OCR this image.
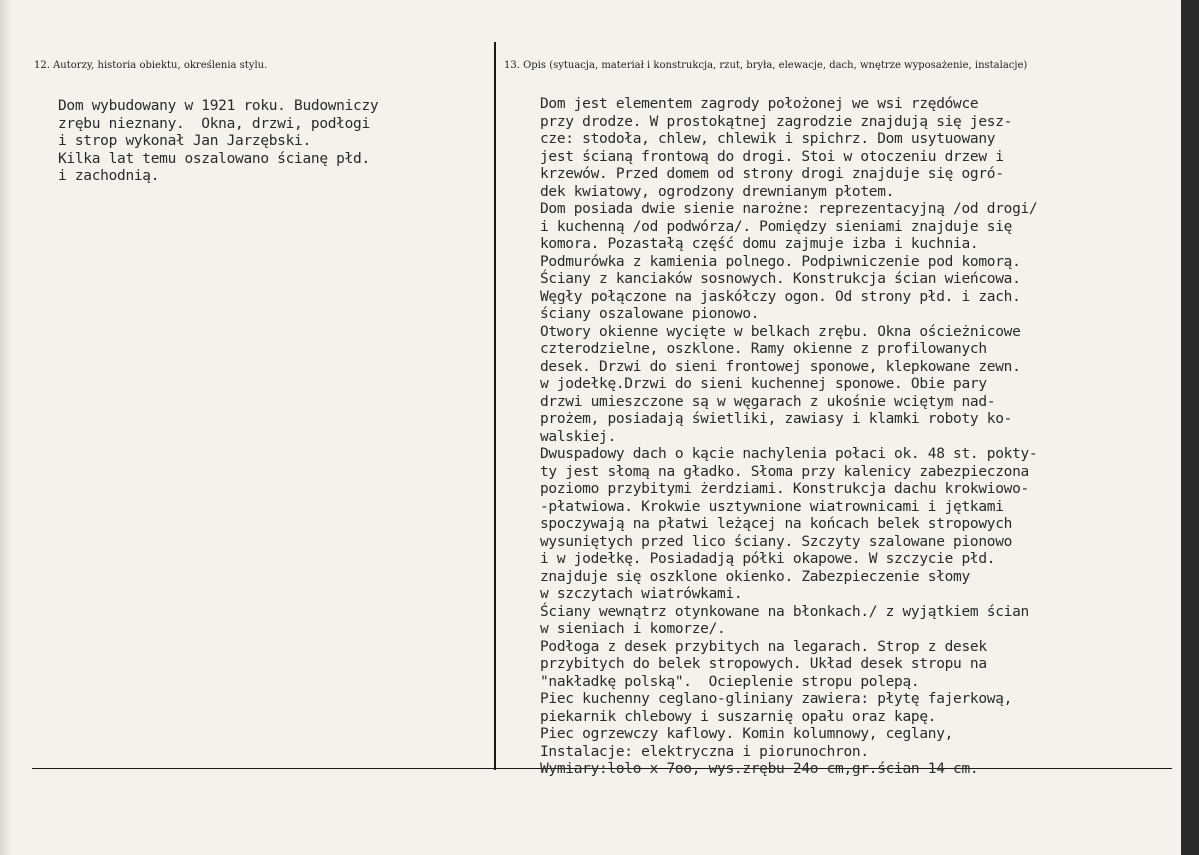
12. Autorzy, historia obiektu, określenia stylu.	13. Opis (sytuacja, materiał i konstrukcja, rzut, bryła, elewacje, dach, wnętrze wyposażenie, instalacje)
Dom wybudowany w 1921 roku. Budowniczy
zrębu nieznany.  Okna, drzwi, podłogi
i strop wykonał Jan Jarzębski.
Kilka lat temu oszalowano ścianę płd.
i zachodnią.
Dom jest elementem zagrody położonej we wsi rzędówce
przy drodze. W prostokątnej zagrodzie znajdują się jesz-
cze: stodoła, chlew, chlewik i spichrz. Dom usytuowany
jest ścianą frontową do drogi. Stoi w otoczeniu drzew i
krzewów. Przed domem od strony drogi znajduje się ogró-
dek kwiatowy, ogrodzony drewnianym płotem.
Dom posiada dwie sienie narożne: reprezentacyjną /od drogi/
i kuchenną /od podwórza/. Pomiędzy sieniami znajduje się
komora. Pozastałą część domu zajmuje izba i kuchnia.
Podmurówka z kamienia polnego. Podpiwniczenie pod komorą.
Ściany z kanciaków sosnowych. Konstrukcja ścian wieńcowa.
Węgły połączone na jaskółczy ogon. Od strony płd. i zach.
ściany oszalowane pionowo.
Otwory okienne wycięte w belkach zrębu. Okna ościeżnicowe
czterodzielne, oszklone. Ramy okienne z profilowanych
desek. Drzwi do sieni frontowej sponowe, klepkowane zewn.
w jodełkę.Drzwi do sieni kuchennej sponowe. Obie pary
drzwi umieszczone są w węgarach z ukośnie wciętym nad-
prożem, posiadają świetliki, zawiasy i klamki roboty ko-
walskiej.
Dwuspadowy dach o kącie nachylenia połaci ok. 48 st. pokty-
ty jest słomą na gładko. Słoma przy kalenicy zabezpieczona
poziomo przybitymi żerdziami. Konstrukcja dachu krokwiowo-
-płatwiowa. Krokwie usztywnione wiatrownicami i jętkami
spoczywają na płatwi leżącej na końcach belek stropowych
wysuniętych przed lico ściany. Szczyty szalowane pionowo
i w jodełkę. Posiadadją półki okapowe. W szczycie płd.
znajduje się oszklone okienko. Zabezpieczenie słomy
w szczytach wiatrówkami.
Ściany wewnątrz otynkowane na błonkach./ z wyjątkiem ścian
w sieniach i komorze/.
Podłoga z desek przybitych na legarach. Strop z desek
przybitych do belek stropowych. Układ desek stropu na
"nakładkę polską".  Ocieplenie stropu polepą.
Piec kuchenny ceglano-gliniany zawiera: płytę fajerkową,
piekarnik chlebowy i suszarnię opału oraz kapę.
Piec ogrzewczy kaflowy. Komin kolumnowy, ceglany,
Instalacje: elektryczna i piorunochron.
Wymiary:lolo x 7oo, wys.zrębu 24o cm,gr.ścian 14 cm.
